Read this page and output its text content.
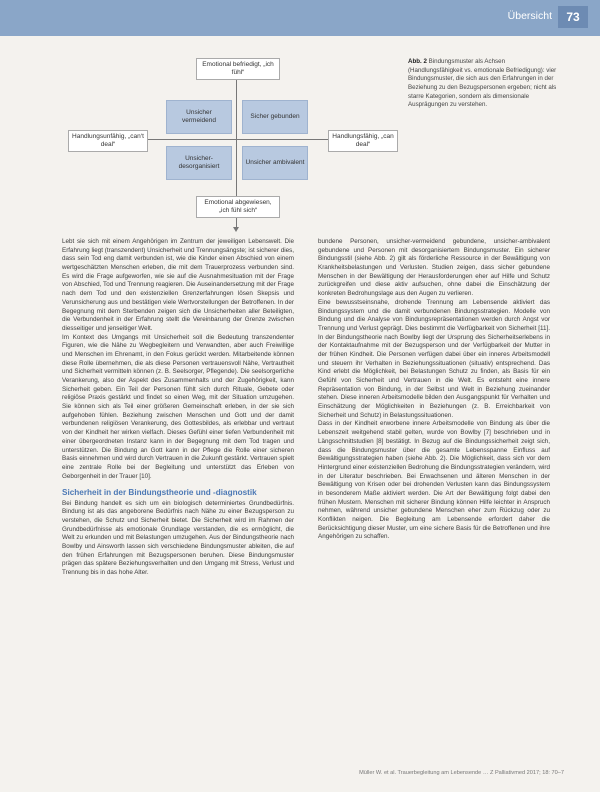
Übersicht	73
Unsicher vermeidend
Sicher gebunden
Unsicher-desorganisiert
Unsicher ambivalent
Emotional befriedigt, „ich fühl“
Emotional abgewiesen, „ich fühl sich“
Handlungsunfähig, „can‘t deal“
Handlungsfähig, „can deal“
Abb. 2 Bindungsmuster als Achsen (Handlungsfähigkeit vs. emotionale Befriedigung): vier Bindungsmuster, die sich aus den Erfahrungen in der Beziehung zu den Bezugspersonen ergeben; nicht als starre Kategorien, sondern als dimensionale Ausprägungen zu verstehen.

Lebt sie sich mit einem Angehörigen im Zentrum der jeweiligen Lebenswelt. Die Erfahrung liegt (transzendent) Unsicherheit und Trennungsängste; ist sicherer dies, dass sein Tod eng damit verbunden ist, wie die Kinder einen Abschied von einem wertgeschätzten Menschen erleben, die mit dem Trauerprozess verbunden sind. Es wird die Frage aufgeworfen, wie sie auf die Ausnahmesituation mit der Frage von Abschied, Tod und Trennung reagieren. Die Auseinandersetzung mit der Frage nach dem Tod und den existenziellen Grenzerfahrungen lösen Skepsis und Verunsicherung aus und bestätigen viele Wertvorstellungen der Betroffenen. In der Begegnung mit dem Sterbenden zeigen sich die Unsicherheiten aller Beteiligten, die Verbundenheit in der Erfahrung stellt die Vereinbarung der Grenze zwischen diesseitiger und jenseitiger Welt.

Im Kontext des Umgangs mit Unsicherheit soll die Bedeutung transzendenter Figuren, wie die Nähe zu Wegbegleitern und Verwandten, aber auch Freiwillige und Menschen im Ehrenamt, in den Fokus gerückt werden. Mitarbeitende können diese Rolle übernehmen, die als diese Personen vertrauensvoll Nähe, Vertrautheit und Sicherheit vermitteln können (z. B. Seelsorger, Pflegende). Die seelsorgerliche Verankerung, also der Aspekt des Zusammenhalts und der Zugehörigkeit, kann Sicherheit geben. Ein Teil der Personen fühlt sich durch Rituale, Gebete oder religiöse Praxis gestärkt und findet so einen Weg, mit der Situation umzugehen. Sie können sich als Teil einer größeren Gemeinschaft erleben, in der sie sich aufgehoben fühlen. Beziehung zwischen Menschen und Gott und der damit verbundenen religiösen Verankerung, des Gottesbildes, als erlebbar und vertraut von der Kindheit her wirken vielfach. Dieses Gefühl einer tiefen Verbundenheit mit einer übergeordneten Instanz kann in der Begegnung mit dem Tod tragen und unterstützen. Die Bindung an Gott kann in der Pflege die Rolle einer sicheren Basis einnehmen und wird durch Vertrauen in die Zukunft gestärkt. Vertrauen spielt eine zentrale Rolle bei der Begleitung und unterstützt das Erleben von Geborgenheit in der Trauer [10].

Sicherheit in der Bindungstheorie und -diagnostik

Bei Bindung handelt es sich um ein biologisch determiniertes Grundbedürfnis. Bindung ist als das angeborene Bedürfnis nach Nähe zu einer Bezugsperson zu verstehen, die Schutz und Sicherheit bietet. Die Sicherheit wird im Rahmen der Grundbedürfnisse als emotionale Grundlage verstanden, die es ermöglicht, die Welt zu erkunden und mit Belastungen umzugehen. Aus der Bindungstheorie nach Bowlby und Ainsworth lassen sich verschiedene Bindungsmuster ableiten, die auf den frühen Erfahrungen mit Bezugspersonen beruhen. Diese Bindungsmuster prägen das spätere Beziehungsverhalten und den Umgang mit Stress, Verlust und Trennung bis in das hohe Alter.

bundene Personen, unsicher-vermeidend gebundene, unsicher-ambivalent gebundene und Personen mit desorganisiertem Bindungsmuster. Ein sicherer Bindungsstil (siehe Abb. 2) gilt als förderliche Ressource in der Bewältigung von Krankheitsbelastungen und Verlusten. Studien zeigen, dass sicher gebundene Menschen in der Bewältigung der Herausforderungen eher auf Hilfe und Schutz zurückgreifen und diese aktiv aufsuchen, ohne dabei die Einschätzung der konkreten Bedrohungslage aus den Augen zu verlieren.

Eine bewusstseinsnahe, drohende Trennung am Lebensende aktiviert das Bindungssystem und die damit verbundenen Bindungsstrategien. Modelle von Bindung und die Analyse von Bindungsrepräsentationen werden durch Angst vor Trennung und Verlust geprägt. Dies bestimmt die Verfügbarkeit von Sicherheit [11]. In der Bindungstheorie nach Bowlby liegt der Ursprung des Sicherheitserlebens in der Kontaktaufnahme mit der Bezugsperson und der Verfügbarkeit der Mutter in der frühen Kindheit. Die Personen verfügen dabei über ein inneres Arbeitsmodell und steuern ihr Verhalten in Beziehungssituationen (situativ) entsprechend. Das Kind erlebt die Möglichkeit, bei Belastungen Schutz zu finden, als Basis für ein Gefühl von Sicherheit und Vertrauen in die Welt. Es entsteht eine innere Repräsentation von Bindung, in der Selbst und Welt in Beziehung zueinander stehen. Diese inneren Arbeitsmodelle bilden den Ausgangspunkt für Verhalten und Einschätzung der Möglichkeiten in Beziehungen (z. B. Erreichbarkeit von Sicherheit und Schutz) in Belastungssituationen.

Dass in der Kindheit erworbene innere Arbeitsmodelle von Bindung als über die Lebenszeit weitgehend stabil gelten, wurde von Bowlby [7] beschrieben und in Längsschnittstudien [8] bestätigt. In Bezug auf die Bindungssicherheit zeigt sich, dass die Bindungsmuster über die gesamte Lebensspanne Einfluss auf Bewältigungsstrategien haben (siehe Abb. 2). Die Möglichkeit, dass sich vor dem Hintergrund einer existenziellen Bedrohung die Bindungsstrategien verändern, wird in der Literatur beschrieben. Bei Erwachsenen und älteren Menschen in der Bewältigung von Krisen oder bei drohenden Verlusten kann das Bindungssystem in besonderem Maße aktiviert werden. Die Art der Bewältigung folgt dabei den frühen Mustern. Menschen mit sicherer Bindung können Hilfe leichter in Anspruch nehmen, während unsicher gebundene Menschen eher zum Rückzug oder zu Konflikten neigen. Die Begleitung am Lebensende erfordert daher die Berücksichtigung dieser Muster, um eine sichere Basis für die Betroffenen und ihre Angehörigen zu schaffen.

Müller W. et al. Trauerbegleitung am Lebensende … Z Palliativmed 2017; 18: 70–7
